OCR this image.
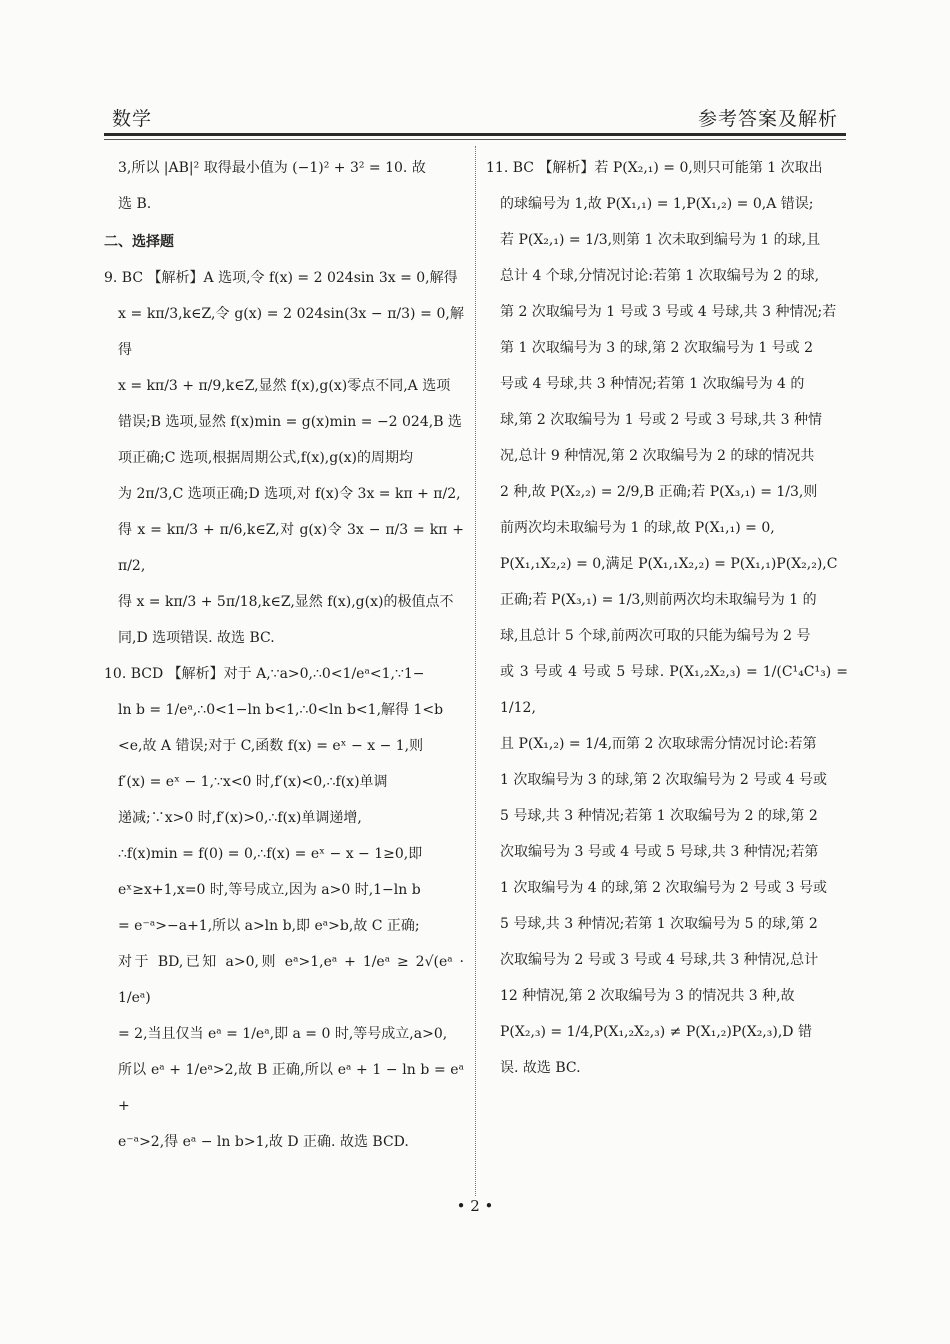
数学	参考答案及解析

3,所以 |AB|² 取得最小值为 (−1)² + 3² = 10. 故

选 B.

二、选择题

9. BC 【解析】A 选项,令 f(x) = 2 024sin 3x = 0,解得

x = kπ/3,k∈Z,令 g(x) = 2 024sin(3x − π/3) = 0,解得

x = kπ/3 + π/9,k∈Z,显然 f(x),g(x)零点不同,A 选项

错误;B 选项,显然 f(x)min = g(x)min = −2 024,B 选

项正确;C 选项,根据周期公式,f(x),g(x)的周期均

为 2π/3,C 选项正确;D 选项,对 f(x)令 3x = kπ + π/2,

得 x = kπ/3 + π/6,k∈Z,对 g(x)令 3x − π/3 = kπ + π/2,

得 x = kπ/3 + 5π/18,k∈Z,显然 f(x),g(x)的极值点不

同,D 选项错误. 故选 BC.

10. BCD 【解析】对于 A,∵a>0,∴0<1/eᵃ<1,∵1−

ln b = 1/eᵃ,∴0<1−ln b<1,∴0<ln b<1,解得 1<b

<e,故 A 错误;对于 C,函数 f(x) = eˣ − x − 1,则

f′(x) = eˣ − 1,∵x<0 时,f′(x)<0,∴f(x)单调

递减;∵x>0 时,f′(x)>0,∴f(x)单调递增,

∴f(x)min = f(0) = 0,∴f(x) = eˣ − x − 1≥0,即

eˣ≥x+1,x=0 时,等号成立,因为 a>0 时,1−ln b

= e⁻ᵃ>−a+1,所以 a>ln b,即 eᵃ>b,故 C 正确;

对于 BD,已知 a>0,则 eᵃ>1,eᵃ + 1/eᵃ ≥ 2√(eᵃ · 1/eᵃ)

= 2,当且仅当 eᵃ = 1/eᵃ,即 a = 0 时,等号成立,a>0,

所以 eᵃ + 1/eᵃ>2,故 B 正确,所以 eᵃ + 1 − ln b = eᵃ +

e⁻ᵃ>2,得 eᵃ − ln b>1,故 D 正确. 故选 BCD.

11. BC 【解析】若 P(X₂,₁) = 0,则只可能第 1 次取出

的球编号为 1,故 P(X₁,₁) = 1,P(X₁,₂) = 0,A 错误;

若 P(X₂,₁) = 1/3,则第 1 次未取到编号为 1 的球,且

总计 4 个球,分情况讨论:若第 1 次取编号为 2 的球,

第 2 次取编号为 1 号或 3 号或 4 号球,共 3 种情况;若

第 1 次取编号为 3 的球,第 2 次取编号为 1 号或 2

号或 4 号球,共 3 种情况;若第 1 次取编号为 4 的

球,第 2 次取编号为 1 号或 2 号或 3 号球,共 3 种情

况,总计 9 种情况,第 2 次取编号为 2 的球的情况共

2 种,故 P(X₂,₂) = 2/9,B 正确;若 P(X₃,₁) = 1/3,则

前两次均未取编号为 1 的球,故 P(X₁,₁) = 0,

P(X₁,₁X₂,₂) = 0,满足 P(X₁,₁X₂,₂) = P(X₁,₁)P(X₂,₂),C

正确;若 P(X₃,₁) = 1/3,则前两次均未取编号为 1 的

球,且总计 5 个球,前两次可取的只能为编号为 2 号

或 3 号或 4 号或 5 号球. P(X₁,₂X₂,₃) = 1/(C¹₄C¹₃) = 1/12,

且 P(X₁,₂) = 1/4,而第 2 次取球需分情况讨论:若第

1 次取编号为 3 的球,第 2 次取编号为 2 号或 4 号或

5 号球,共 3 种情况;若第 1 次取编号为 2 的球,第 2

次取编号为 3 号或 4 号或 5 号球,共 3 种情况;若第

1 次取编号为 4 的球,第 2 次取编号为 2 号或 3 号或

5 号球,共 3 种情况;若第 1 次取编号为 5 的球,第 2

次取编号为 2 号或 3 号或 4 号球,共 3 种情况,总计

12 种情况,第 2 次取编号为 3 的情况共 3 种,故

P(X₂,₃) = 1/4,P(X₁,₂X₂,₃) ≠ P(X₁,₂)P(X₂,₃),D 错

误. 故选 BC.

• 2 •
